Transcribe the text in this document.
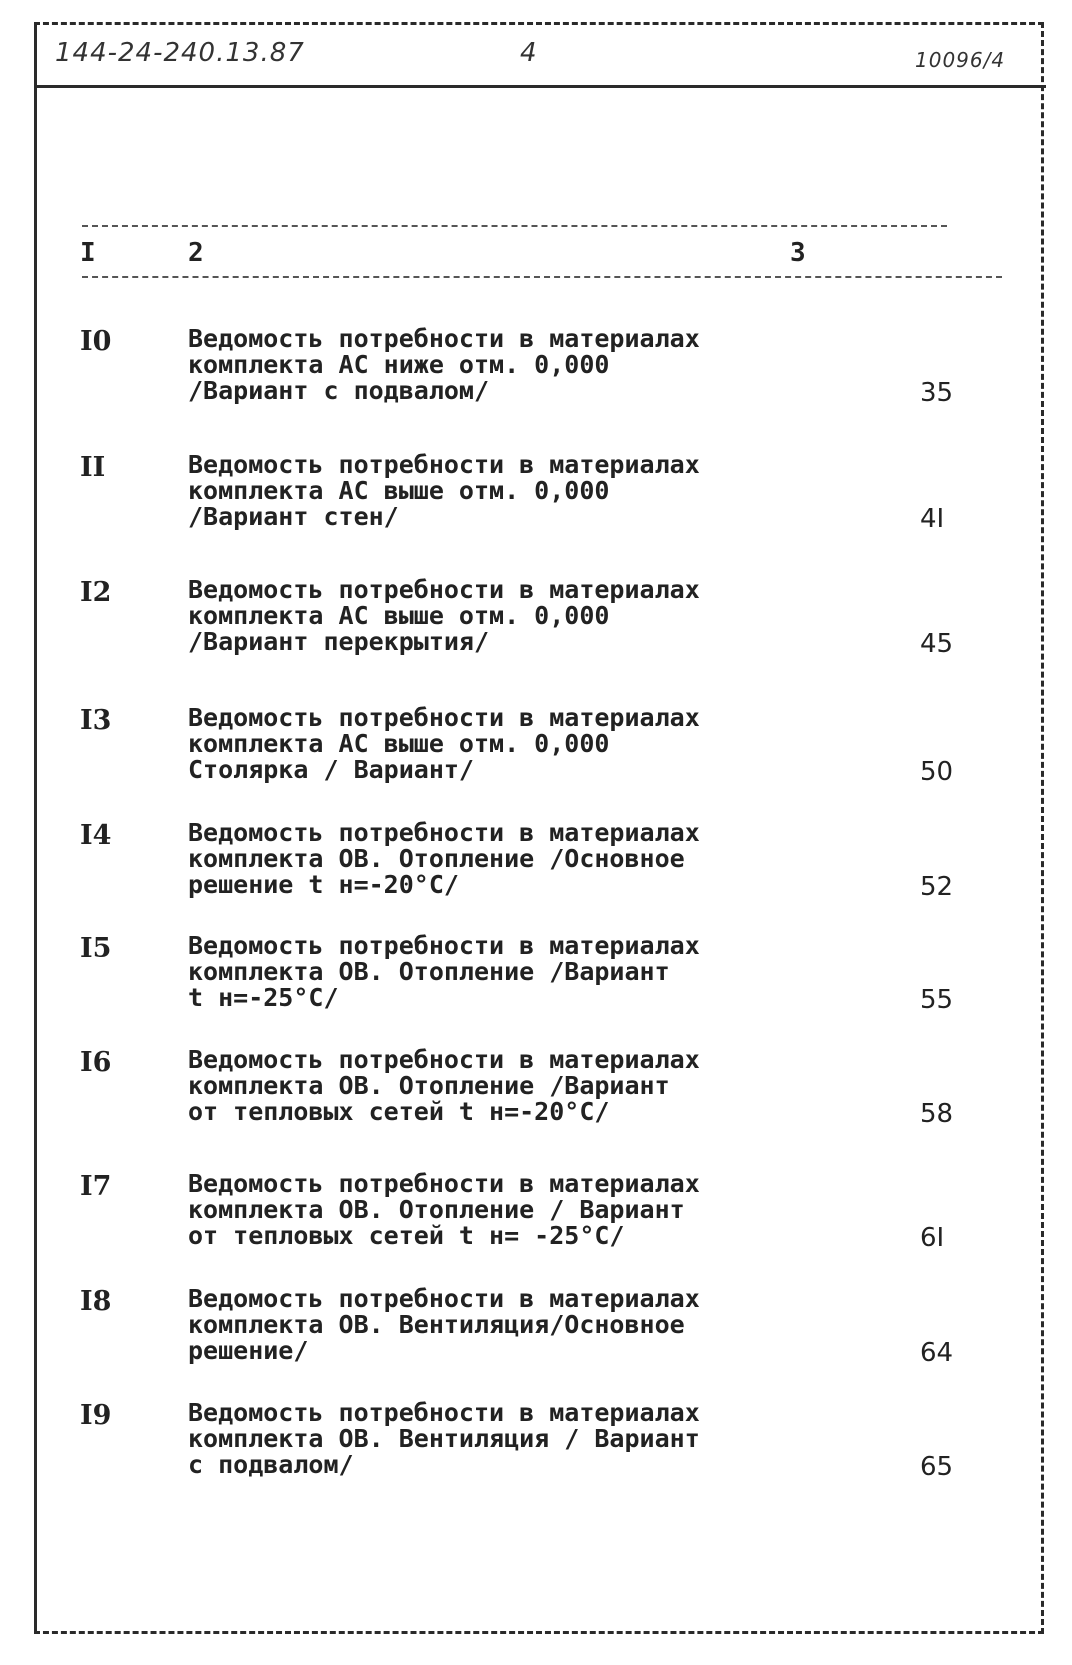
144-24-240.13.87	4	10096/4
I	2	3
I0	Ведомость потребности в материалах
комплекта АС ниже отм. 0,000
/Вариант с подвалом/	35
II	Ведомость потребности в материалах
комплекта АС выше отм. 0,000
/Вариант стен/	4I
I2	Ведомость потребности в материалах
комплекта АС выше отм. 0,000
/Вариант перекрытия/	45
I3	Ведомость потребности в материалах
комплекта АС выше отм. 0,000
Столярка / Вариант/	50
I4	Ведомость потребности в материалах
комплекта ОВ. Отопление /Основное
решение t н=-20°С/	52
I5	Ведомость потребности в материалах
комплекта ОВ. Отопление /Вариант
t н=-25°С/	55
I6	Ведомость потребности в материалах
комплекта ОВ. Отопление /Вариант
от тепловых сетей t н=-20°С/	58
I7	Ведомость потребности в материалах
комплекта ОВ. Отопление / Вариант
от тепловых сетей t н= -25°С/	6I
I8	Ведомость потребности в материалах
комплекта ОВ. Вентиляция/Основное
решение/	64
I9	Ведомость потребности в материалах
комплекта ОВ. Вентиляция / Вариант
с подвалом/	65
